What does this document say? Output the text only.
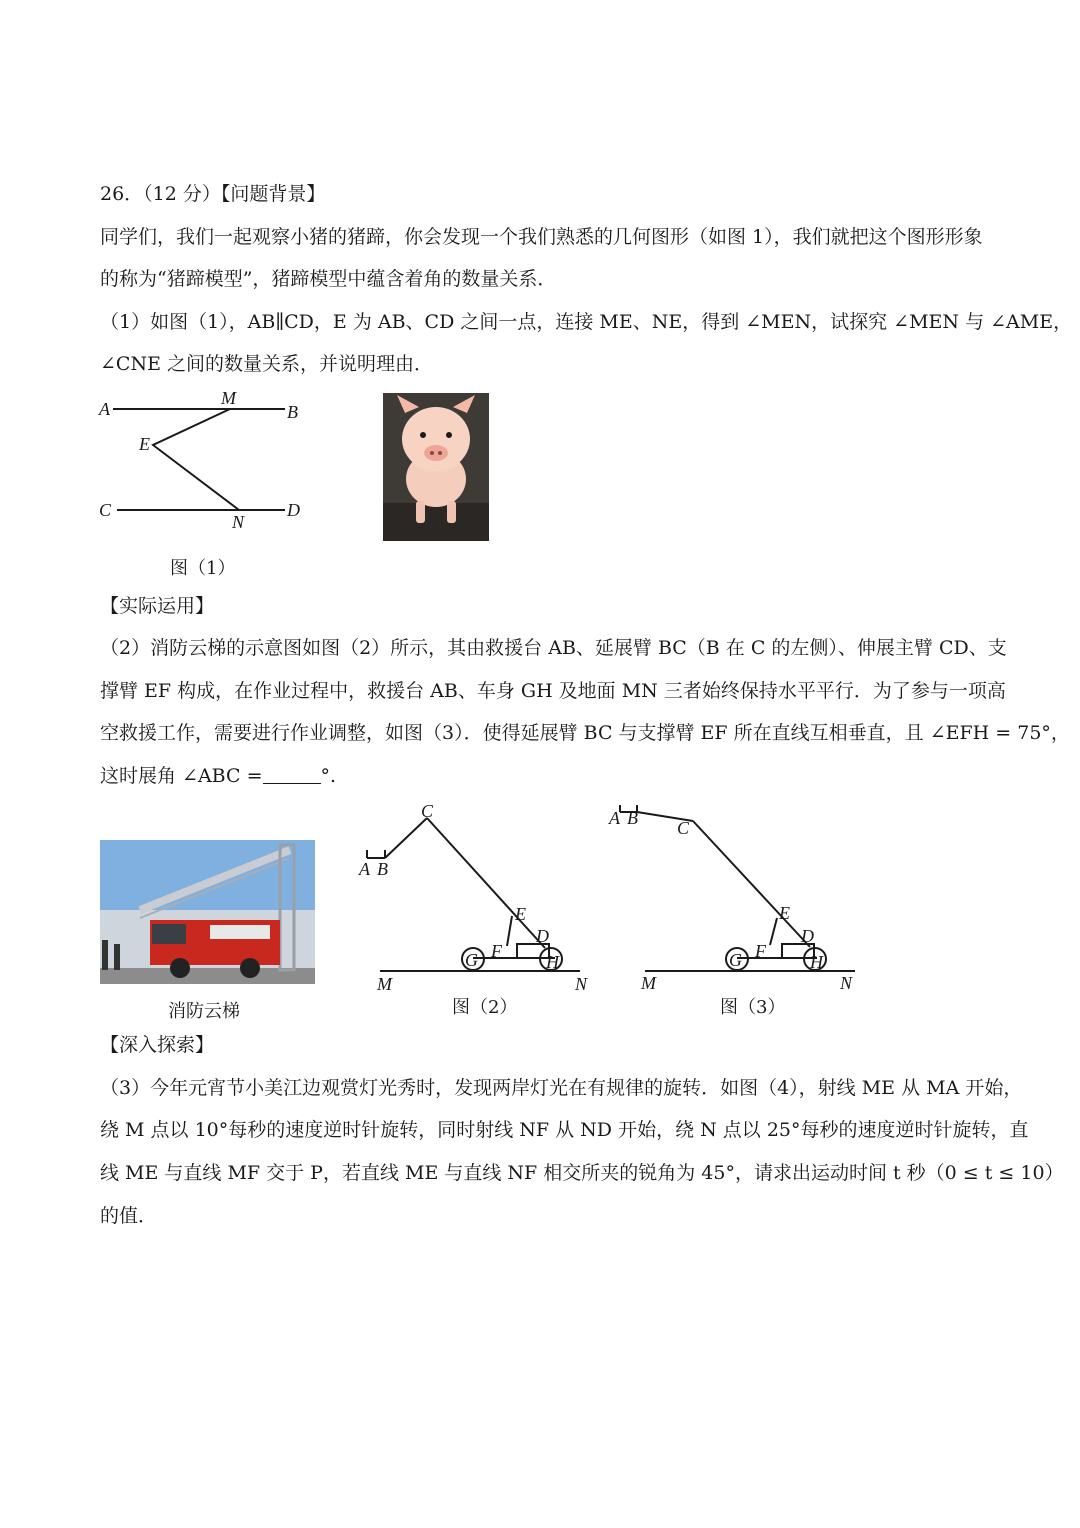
26．（12 分）【问题背景】
同学们，我们一起观察小猪的猪蹄，你会发现一个我们熟悉的几何图形（如图 1），我们就把这个图形形象
的称为“猪蹄模型”，猪蹄模型中蕴含着角的数量关系．
（1）如图（1），AB∥CD，E 为 AB、CD 之间一点，连接 ME、NE，得到 ∠MEN，试探究 ∠MEN 与 ∠AME，
∠CNE 之间的数量关系，并说明理由．
A
M
B
E
C
N
D
图（1）
【实际运用】
（2）消防云梯的示意图如图（2）所示，其由救援台 AB、延展臂 BC（B 在 C 的左侧）、伸展主臂 CD、支
撑臂 EF 构成，在作业过程中，救援台 AB、车身 GH 及地面 MN 三者始终保持水平平行．为了参与一项高
空救援工作，需要进行作业调整，如图（3）．使得延展臂 BC 与支撑臂 EF 所在直线互相垂直，且 ∠EFH = 75°，
这时展角 ∠ABC =	°.
消防云梯
A B
C
E
D
F
G	H
M	N
图（2）
A B C
E
D
F
G	H
M	N
图（3）
【深入探索】
（3）今年元宵节小美江边观赏灯光秀时，发现两岸灯光在有规律的旋转．如图（4），射线 ME 从 MA 开始，
绕 M 点以 10°每秒的速度逆时针旋转，同时射线 NF 从 ND 开始，绕 N 点以 25°每秒的速度逆时针旋转，直
线 ME 与直线 MF 交于 P，若直线 ME 与直线 NF 相交所夹的锐角为 45°，请求出运动时间 t 秒（0 ≤ t ≤ 10）
的值．
